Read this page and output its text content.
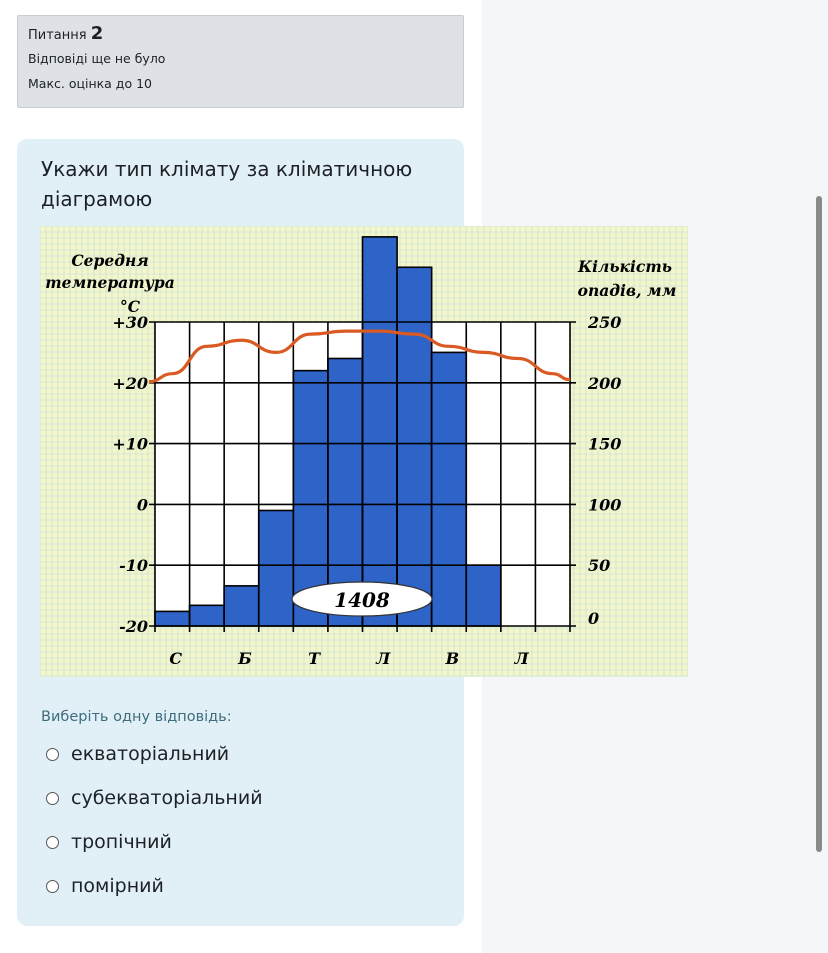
Питання 2
Відповіді ще не було
Макс. оцінка до 10
Укажи тип клімату за кліматичною діаграмою
1408
+30
+20
+10
0
-10
-20
250
200
150
100
50
0
С	Б	Т	Л	В	Л
Середня
температура
°C
Кількість
опадів, мм
Виберіть одну відповідь:
екваторіальний
субекваторіальний
тропічний
помірний
